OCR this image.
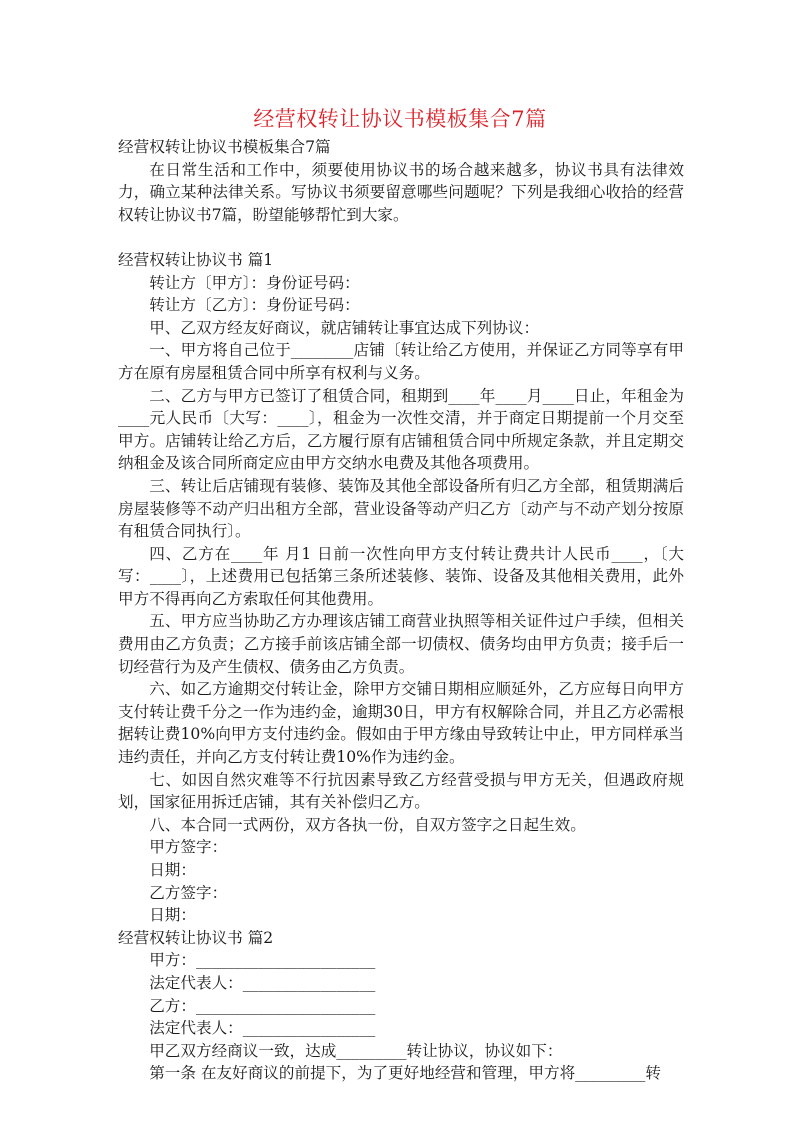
经营权转让协议书模板集合7篇

经营权转让协议书模板集合7篇

在日常生活和工作中，须要使用协议书的场合越来越多，协议书具有法律效力，确立某种法律关系。写协议书须要留意哪些问题呢？下列是我细心收拾的经营权转让协议书7篇，盼望能够帮忙到大家。

经营权转让协议书 篇1

转让方〔甲方〕：身份证号码：

转让方〔乙方〕：身份证号码：

甲、乙双方经友好商议，就店铺转让事宜达成下列协议：

一、甲方将自己位于________店铺〔转让给乙方使用，并保证乙方同等享有甲方在原有房屋租赁合同中所享有权利与义务。

二、乙方与甲方已签订了租赁合同，租期到____年____月____日止，年租金为____元人民币〔大写：____〕，租金为一次性交清，并于商定日期提前一个月交至甲方。店铺转让给乙方后，乙方履行原有店铺租赁合同中所规定条款，并且定期交纳租金及该合同所商定应由甲方交纳水电费及其他各项费用。

三、转让后店铺现有装修、装饰及其他全部设备所有归乙方全部，租赁期满后房屋装修等不动产归出租方全部，营业设备等动产归乙方〔动产与不动产划分按原有租赁合同执行〕。

四、乙方在____年 月1 日前一次性向甲方支付转让费共计人民币____，〔大写：____〕，上述费用已包括第三条所述装修、装饰、设备及其他相关费用，此外甲方不得再向乙方索取任何其他费用。

五、甲方应当协助乙方办理该店铺工商营业执照等相关证件过户手续，但相关费用由乙方负责；乙方接手前该店铺全部一切债权、债务均由甲方负责；接手后一切经营行为及产生债权、债务由乙方负责。

六、如乙方逾期交付转让金，除甲方交铺日期相应顺延外，乙方应每日向甲方支付转让费千分之一作为违约金，逾期30日，甲方有权解除合同，并且乙方必需根据转让费10%向甲方支付违约金。假如由于甲方缘由导致转让中止，甲方同样承当违约责任，并向乙方支付转让费10%作为违约金。

七、如因自然灾难等不行抗因素导致乙方经营受损与甲方无关，但遇政府规划，国家征用拆迁店铺，其有关补偿归乙方。

八、本合同一式两份，双方各执一份，自双方签字之日起生效。

甲方签字：

日期：

乙方签字：

日期：

经营权转让协议书 篇2

甲方：_______________________

法定代表人：_________________

乙方：_______________________

法定代表人：_________________

甲乙双方经商议一致，达成_________转让协议，协议如下：

第一条 在友好商议的前提下，为了更好地经营和管理，甲方将_________转
